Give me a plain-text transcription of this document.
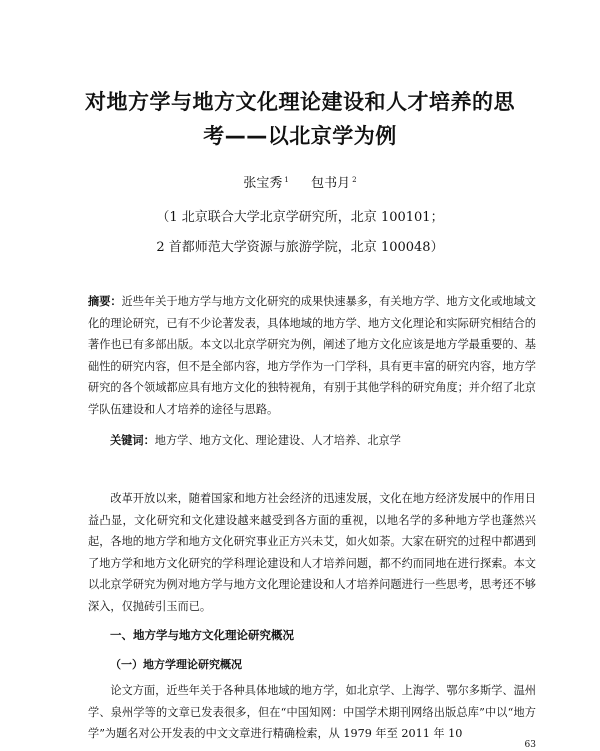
对地方学与地方文化理论建设和人才培养的思
考——以北京学为例
张宝秀 $^1$ 包书月 $^2$
（1 北京联合大学北京学研究所，北京 100101；
2 首都师范大学资源与旅游学院，北京 100048）

摘要：近些年关于地方学与地方文化研究的成果快速暴多，有关地方学、地方文化或地域文化的理论研究，已有不少论著发表，具体地域的地方学、地方文化理论和实际研究相结合的著作也已有多部出版。本文以北京学研究为例，阐述了地方文化应该是地方学最重要的、基础性的研究内容，但不是全部内容，地方学作为一门学科，具有更丰富的研究内容，地方学研究的各个领域都应具有地方文化的独特视角，有别于其他学科的研究角度；并介绍了北京学队伍建设和人才培养的途径与思路。

关键词：地方学、地方文化、理论建设、人才培养、北京学

改革开放以来，随着国家和地方社会经济的迅速发展，文化在地方经济发展中的作用日益凸显，文化研究和文化建设越来越受到各方面的重视，以地名学的多种地方学也蓬然兴起，各地的地方学和地方文化研究事业正方兴未艾，如火如荼。大家在研究的过程中都遇到了地方学和地方文化研究的学科理论建设和人才培养问题，都不约而同地在进行探索。本文以北京学研究为例对地方学与地方文化理论建设和人才培养问题进行一些思考，思考还不够深入，仅抛砖引玉而已。

一、地方学与地方文化理论研究概况
（一）地方学理论研究概况

论文方面，近些年关于各种具体地域的地方学，如北京学、上海学、鄂尔多斯学、温州学、泉州学等的文章已发表很多，但在“中国知网：中国学术期刊网络出版总库”中以“地方学”为题名对公开发表的中文文章进行精确检索，从 1979 年至 2011 年 10

63
